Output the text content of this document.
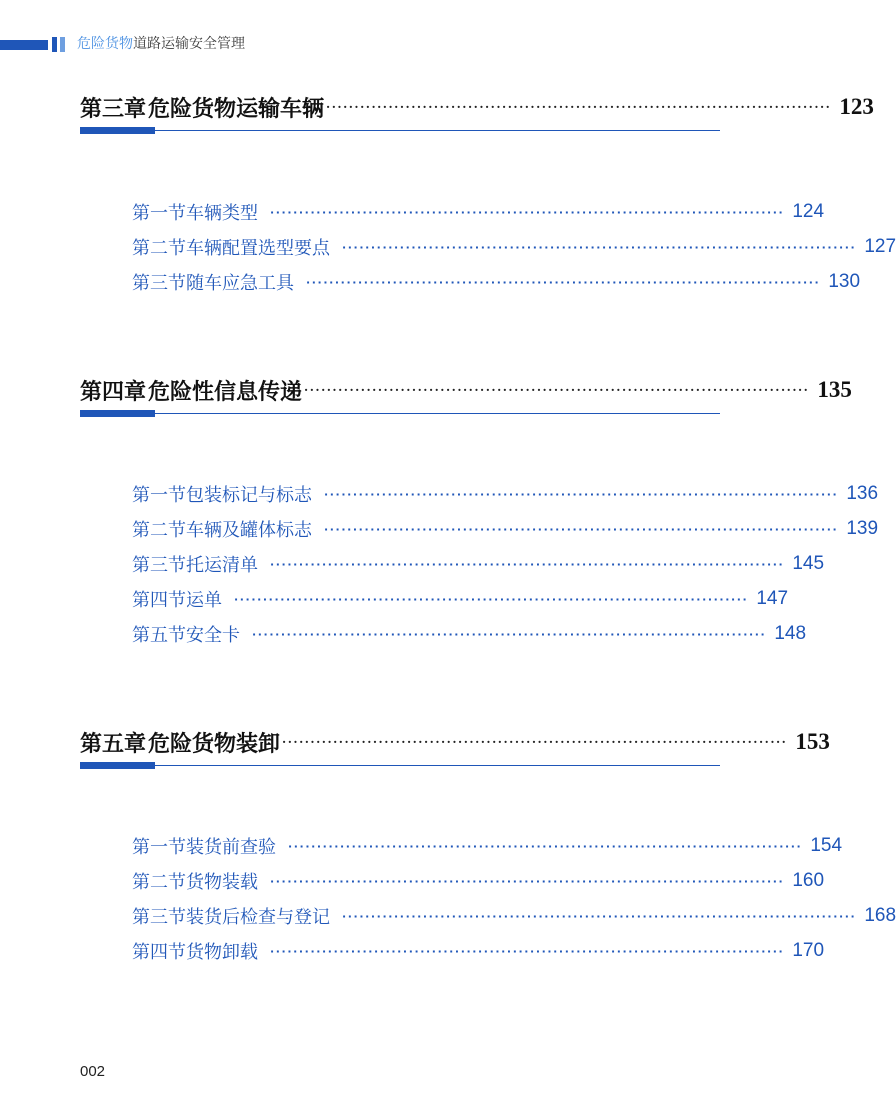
危险货物道路运输安全管理
第三章 危险货物运输车辆 ························································································· 123
第一节 车辆类型	························································································· 124
第二节 车辆配置选型要点	························································································· 127
第三节 随车应急工具	························································································· 130
第四章 危险性信息传递 ························································································· 135
第一节 包装标记与标志	························································································· 136
第二节 车辆及罐体标志	························································································· 139
第三节 托运清单	························································································· 145
第四节 运单	························································································· 147
第五节 安全卡	························································································· 148
第五章 危险货物装卸 ························································································· 153
第一节 装货前查验	························································································· 154
第二节 货物装载	························································································· 160
第三节 装货后检查与登记	························································································· 168
第四节 货物卸载	························································································· 170
002
